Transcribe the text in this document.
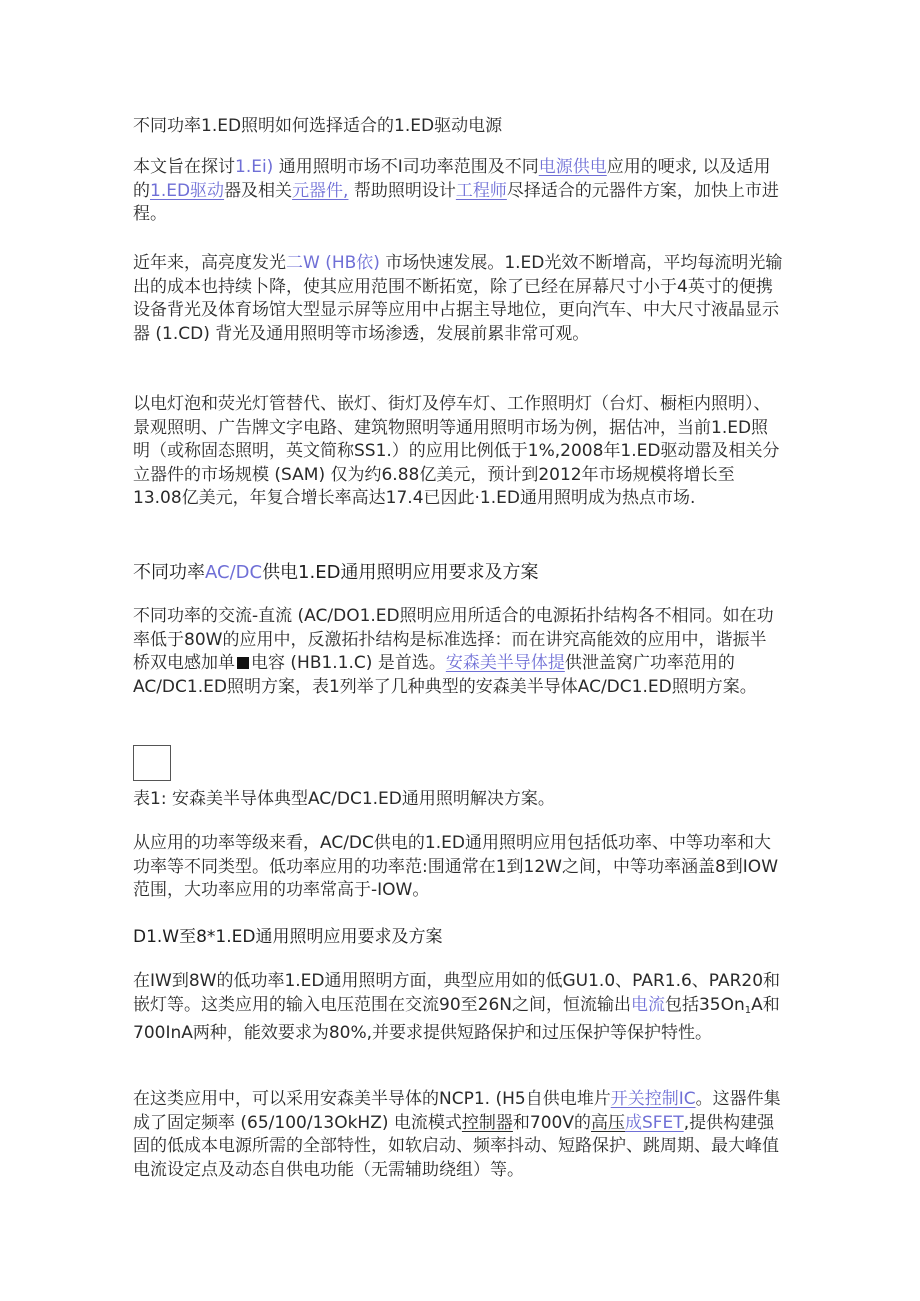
不同功率1.ED照明如何选择适合的1.ED驱动电源
本文旨在探讨1.Ei) 通用照明市场不I司功率范围及不同电源供电应用的哽求, 以及适用的1.ED驱动器及相关元器件, 帮助照明设计工程师尽择适合的元器件方案，加快上市进程。
近年来，高亮度发光二W (HB依) 市场快速发展。1.ED光效不断增高，平均每流明光输出的成本也持续卜降，使其应用范围不断拓宽，除了已经在屏幕尺寸小于4英寸的便携设备背光及体育场馆大型显示屏等应用中占据主导地位，更向汽车、中大尺寸液晶显示器 (1.CD) 背光及通用照明等市场渗透，发展前累非常可观。
以电灯泡和荧光灯管替代、嵌灯、街灯及停车灯、工作照明灯（台灯、橱柜内照明）、景观照明、广告牌文字电路、建筑物照明等通用照明市场为例，据估冲，当前1.ED照明（或称固态照明，英文简称SS1.）的应用比例低于1%,2008年1.ED驱动嚣及相关分立器件的市场规模 (SAM) 仅为约6.88亿美元，预计到2012年市场规模将增长至13.08亿美元，年复合增长率高达17.4已因此·1.ED通用照明成为热点市场.
不同功率AC/DC供电1.ED通用照明应用要求及方案
不同功率的交流-直流 (AC/DO1.ED照明应用所适合的电源拓扑结构各不相同。如在功率低于80W的应用中，反激拓扑结构是标准选择：而在讲究高能效的应用中，谐振半桥双电感加单 电容 (HB1.1.C) 是首选。安森美半导体提供泄盖窝广功率范用的AC/DC1.ED照明方案，表1列举了几种典型的安森美半导体AC/DC1.ED照明方案。
表1: 安森美半导体典型AC/DC1.ED通用照明解决方案。
从应用的功率等级来看，AC/DC供电的1.ED通用照明应用包括低功率、中等功率和大功率等不同类型。低功率应用的功率范:围通常在1到12W之间，中等功率涵盖8到IOW范围，大功率应用的功率常高于-IOW。
D1.W至8*1.ED通用照明应用要求及方案
在IW到8W的低功率1.ED通用照明方面，典型应用如的低GU1.0、PAR1.6、PAR20和嵌灯等。这类应用的输入电压范围在交流90至26N之间，恒流输出电流包括$35On_1A$和700InA两种，能效要求为80%,并要求提供短路保护和过压保护等保护特性。
在这类应用中，可以采用安森美半导体的NCP1. (H5自供电堆片开关控制IC。这器件集成了固定频率 (65/100/13OkHZ) 电流模式控制器和700V的高压成SFET,提供构建强固的低成本电源所需的全部特性，如软启动、频率抖动、短路保护、跳周期、最大峰值电流设定点及动态自供电功能（无需辅助绕组）等。
